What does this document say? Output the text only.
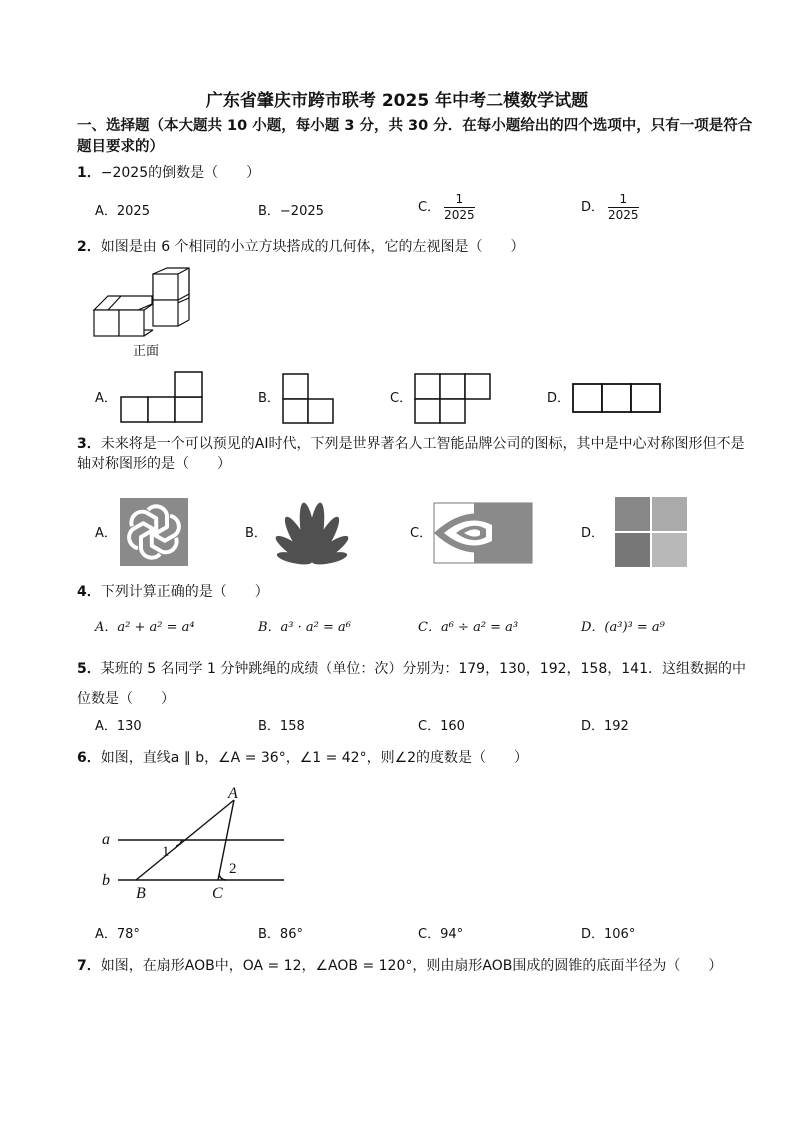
广东省肇庆市跨市联考 2025 年中考二模数学试题
一、选择题（本大题共 10 小题，每小题 3 分，共 30 分．在每小题给出的四个选项中，只有一项是符合题目要求的）
1．−2025的倒数是（　　）
A．2025	B．−2025	C． $\frac{1}{2025}$	D． $\frac{1}{2025}$
2．如图是由 6 个相同的小立方块搭成的几何体，它的左视图是（　　）
正面
A．	B．	C．	D．
3．未来将是一个可以预见的AI时代，下列是世界著名人工智能品牌公司的图标，其中是中心对称图形但不是轴对称图形的是（　　）
A．	B．	C．	D．
4．下列计算正确的是（　　）
A．a² + a² = a⁴	B．a³ · a² = a⁶	C．a⁶ ÷ a² = a³	D．(a³)³ = a⁹
5．某班的 5 名同学 1 分钟跳绳的成绩（单位：次）分别为：179，130，192，158，141．这组数据的中位数是（　　）
A．130	B．158	C．160	D．192
6．如图，直线a ∥ b，∠A = 36°，∠1 = 42°，则∠2的度数是（　　）
A
a
b
B	C
1
2
A．78°	B．86°	C．94°	D．106°
7．如图，在扇形AOB中，OA = 12，∠AOB = 120°，则由扇形AOB围成的圆锥的底面半径为（　　）
